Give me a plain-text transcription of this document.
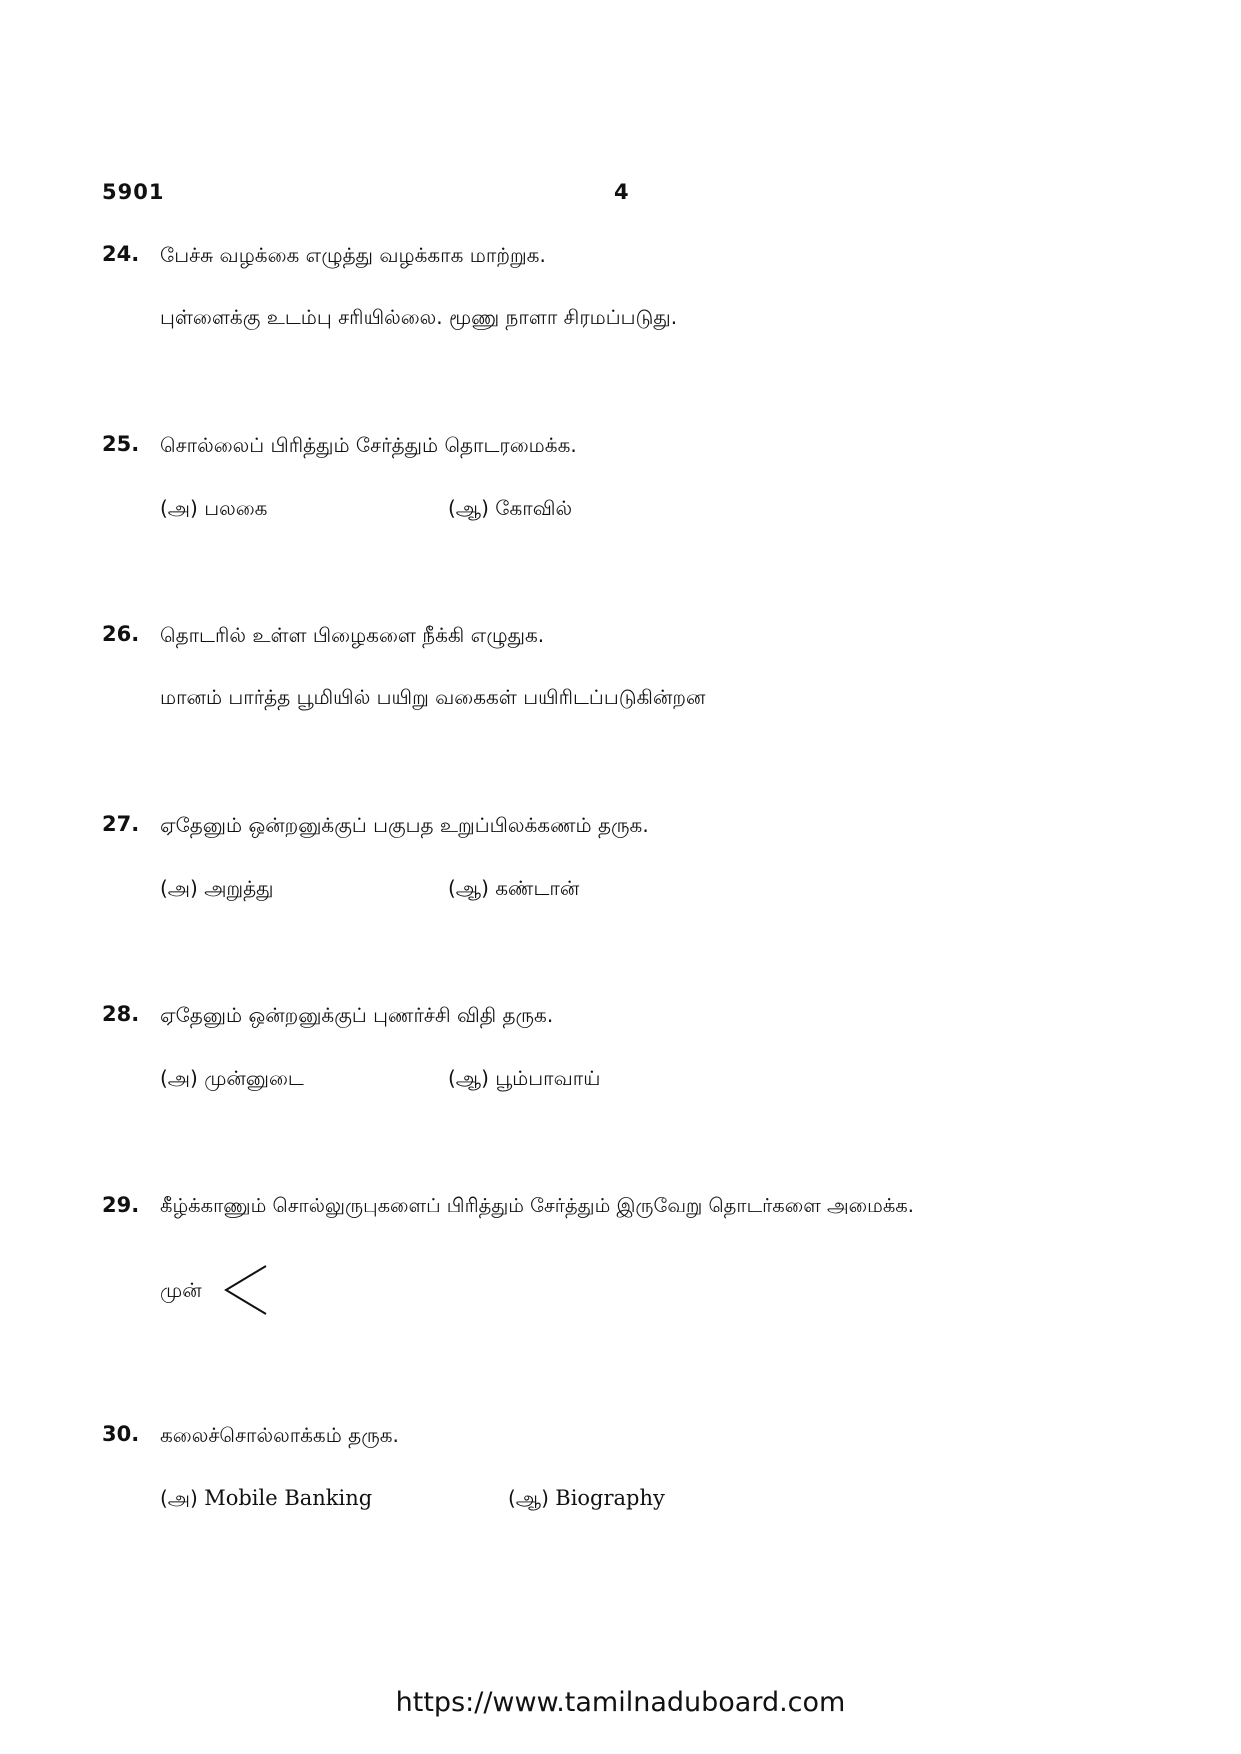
5901	4
24. பேச்சு வழக்கை எழுத்து வழக்காக மாற்றுக.
புள்ளைக்கு உடம்பு சரியில்லை. மூணு நாளா சிரமப்படுது.
25. சொல்லைப் பிரித்தும் சேர்த்தும் தொடரமைக்க.
(அ) பலகை	(ஆ) கோவில்
26. தொடரில் உள்ள பிழைகளை நீக்கி எழுதுக.
மானம் பார்த்த பூமியில் பயிறு வகைகள் பயிரிடப்படுகின்றன
27. ஏதேனும் ஒன்றனுக்குப் பகுபத உறுப்பிலக்கணம் தருக.
(அ) அறுத்து	(ஆ) கண்டான்
28. ஏதேனும் ஒன்றனுக்குப் புணர்ச்சி விதி தருக.
(அ) முன்னுடை	(ஆ) பூம்பாவாய்
29. கீழ்க்காணும் சொல்லுருபுகளைப் பிரித்தும் சேர்த்தும் இருவேறு தொடர்களை அமைக்க.
முன்
30. கலைச்சொல்லாக்கம் தருக.
(அ) Mobile Banking	(ஆ) Biography
https://www.tamilnaduboard.com
